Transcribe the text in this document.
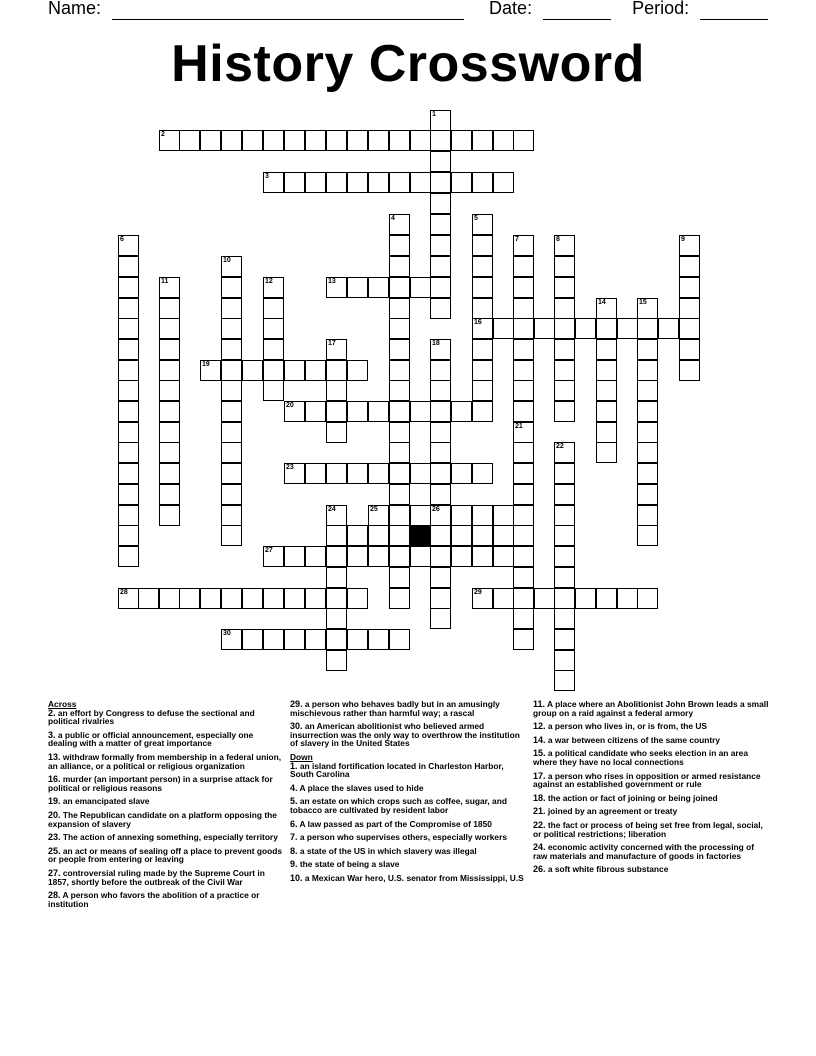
Name:	Date:	Period:
History Crossword
2
1
3
4	5
16
6	7	8	9
10
11	12	13
14	15
17	18
26
19
20
21
22
23
24	25
27
28	29
30
Across
2. an effort by Congress to defuse the sectional and political rivalries
3. a public or official announcement, especially one dealing with a matter of great importance
13. withdraw formally from membership in a federal union, an alliance, or a political or religious organization
16. murder (an important person) in a surprise attack for political or religious reasons
19. an emancipated slave
20. The Republican candidate on a platform opposing the expansion of slavery
23. The action of annexing something, especially territory
25. an act or means of sealing off a place to prevent goods or people from entering or leaving
27. controversial ruling made by the Supreme Court in 1857, shortly before the outbreak of the Civil War
28. A person who favors the abolition of a practice or institution
29. a person who behaves badly but in an amusingly mischievous rather than harmful way; a rascal
30. an American abolitionist who believed armed insurrection was the only way to overthrow the institution of slavery in the United States
Down
1. an island fortification located in Charleston Harbor, South Carolina
4. A place the slaves used to hide
5. an estate on which crops such as coffee, sugar, and tobacco are cultivated by resident labor
6. A law passed as part of the Compromise of 1850
7. a person who supervises others, especially workers
8. a state of the US in which slavery was illegal
9. the state of being a slave
10. a Mexican War hero, U.S. senator from Mississippi, U.S
11. A place where an Abolitionist John Brown leads a small group on a raid against a federal armory
12. a person who lives in, or is from, the US
14. a war between citizens of the same country
15. a political candidate who seeks election in an area where they have no local connections
17. a person who rises in opposition or armed resistance against an established government or rule
18. the action or fact of joining or being joined
21. joined by an agreement or treaty
22. the fact or process of being set free from legal, social, or political restrictions; liberation
24. economic activity concerned with the processing of raw materials and manufacture of goods in factories
26. a soft white fibrous substance
